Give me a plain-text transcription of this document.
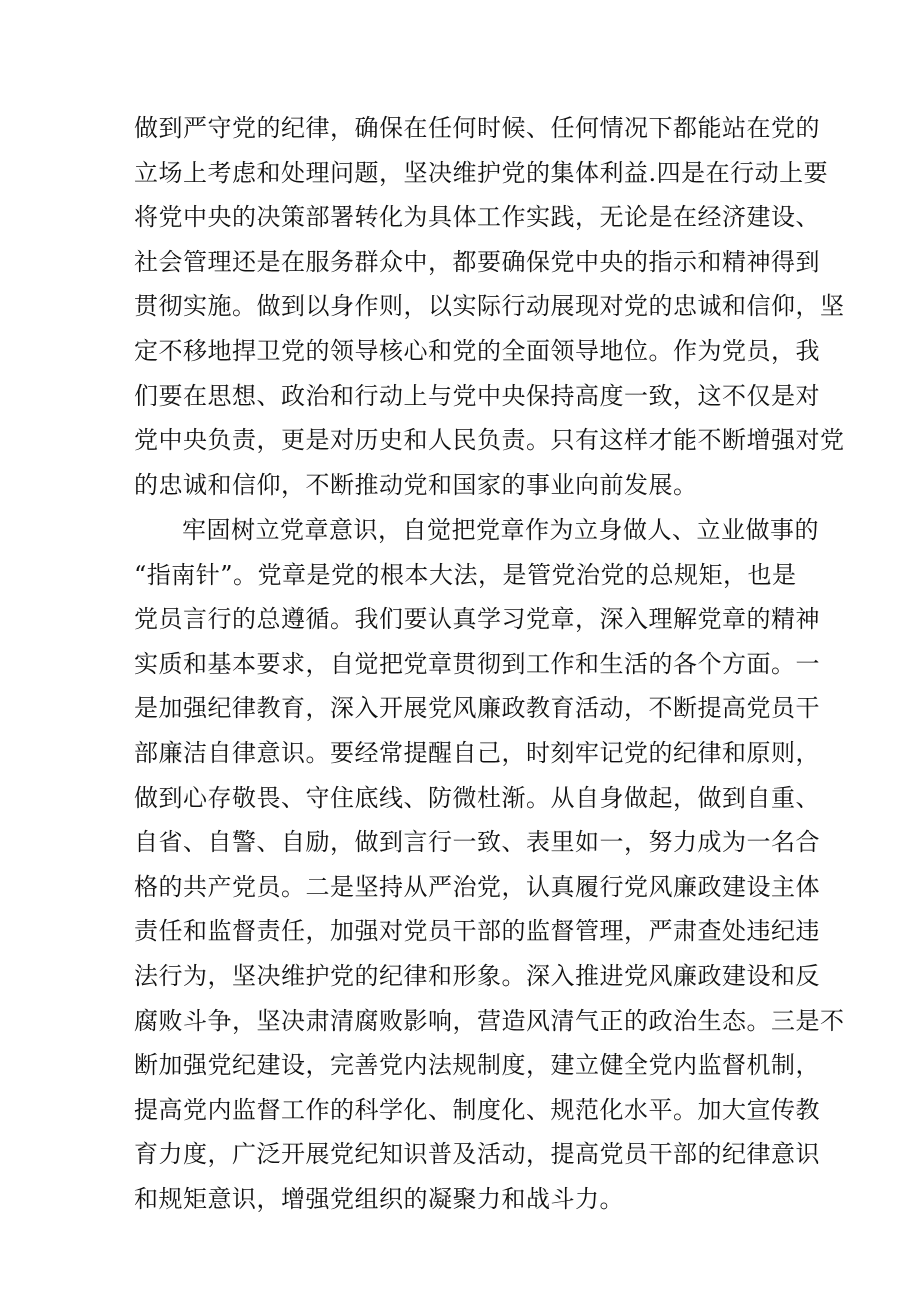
做到严守党的纪律，确保在任何时候、任何情况下都能站在党的
立场上考虑和处理问题，坚决维护党的集体利益.四是在行动上要
将党中央的决策部署转化为具体工作实践，无论是在经济建设、
社会管理还是在服务群众中，都要确保党中央的指示和精神得到
贯彻实施。做到以身作则，以实际行动展现对党的忠诚和信仰，坚
定不移地捍卫党的领导核心和党的全面领导地位。作为党员，我
们要在思想、政治和行动上与党中央保持高度一致，这不仅是对
党中央负责，更是对历史和人民负责。只有这样才能不断增强对党
的忠诚和信仰，不断推动党和国家的事业向前发展。
牢固树立党章意识，自觉把党章作为立身做人、立业做事的
“指南针”。党章是党的根本大法，是管党治党的总规矩，也是
党员言行的总遵循。我们要认真学习党章，深入理解党章的精神
实质和基本要求，自觉把党章贯彻到工作和生活的各个方面。一
是加强纪律教育，深入开展党风廉政教育活动，不断提高党员干
部廉洁自律意识。要经常提醒自己，时刻牢记党的纪律和原则，
做到心存敬畏、守住底线、防微杜渐。从自身做起，做到自重、
自省、自警、自励，做到言行一致、表里如一，努力成为一名合
格的共产党员。二是坚持从严治党，认真履行党风廉政建设主体
责任和监督责任，加强对党员干部的监督管理，严肃查处违纪违
法行为，坚决维护党的纪律和形象。深入推进党风廉政建设和反
腐败斗争，坚决肃清腐败影响，营造风清气正的政治生态。三是不
断加强党纪建设，完善党内法规制度，建立健全党内监督机制，
提高党内监督工作的科学化、制度化、规范化水平。加大宣传教
育力度，广泛开展党纪知识普及活动，提高党员干部的纪律意识
和规矩意识，增强党组织的凝聚力和战斗力。
